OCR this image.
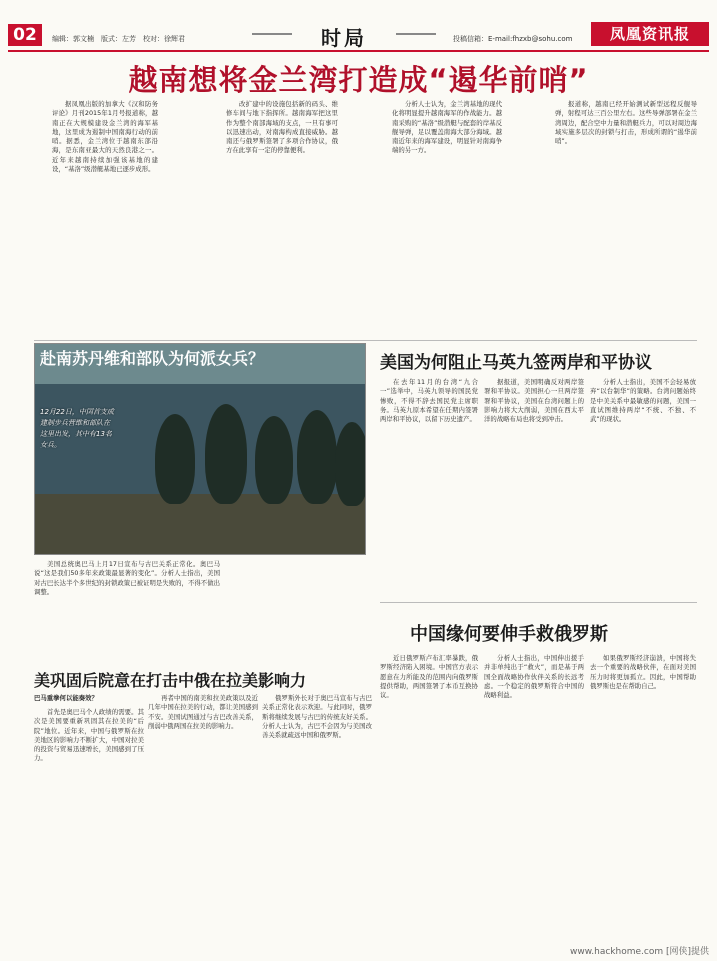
02	编辑：郭文楠　版式：左芳　校对：徐辉君	时局	投稿信箱：E-mail:fhzxb@sohu.com	凤凰资讯报
越南想将金兰湾打造成“遏华前哨”

据凤凰出版的加拿大《汉和防务评论》月刊2015年1月号报道称，越南正在大规模建设金兰湾的海军基地，这里成为遏制中国南海行动的前哨。据悉，金兰湾位于越南东部沿海，是东南亚最大的天然良港之一。近年来越南持续加强该基地的建设，“基洛”级潜艇基地已逐步成形。

改扩建中的设施包括新的码头、维修车间与地下指挥所。越南海军把这里作为整个南部海域的支点，一旦有事可以迅速出动，对南海构成直接威胁。越南还与俄罗斯签署了多项合作协议，俄方在此享有一定的停靠便利。

分析人士认为，金兰湾基地的现代化将明显提升越南海军的作战能力。越南采购的“基洛”级潜艇与配套的岸基反舰导弹，足以覆盖南海大部分海域。越南近年来的海军建设，明显针对南海争端的另一方。

报道称，越南已经开始测试新型远程反舰导弹，射程可达三百公里左右。这些导弹部署在金兰湾周边，配合空中力量和潜艇兵力，可以对周边海域实施多层次的封锁与打击，形成所谓的“遏华前哨”。

赴南苏丹维和部队为何派女兵？
12月22日，中国首支成建制步兵营维和部队在这里出发，其中有13名女兵。

美国总统奥巴马上月17日宣布与古巴关系正常化。奥巴马说“这是我们50多年来政策最显著的变化”。分析人士指出，美国对古巴长达半个多世纪的封锁政策已被证明是失败的，不得不做出调整。

美国为何阻止马英九签两岸和平协议

在去年11月的台湾“九合一”选举中，马英九领导的国民党惨败，不得不辞去国民党主席职务。马英九原本希望在任期内签署两岸和平协议，以留下历史遗产。

据报道，美国明确反对两岸签署和平协议。美国担心一旦两岸签署和平协议，美国在台湾问题上的影响力将大大削弱，美国在西太平洋的战略布局也将受到冲击。

分析人士指出，美国不会轻易放弃“以台制华”的策略。台湾问题始终是中美关系中最敏感的问题，美国一直试图维持两岸“不统、不独、不武”的现状。

中国缘何要伸手救俄罗斯

近日俄罗斯卢布汇率暴跌，俄罗斯经济陷入困境。中国官方表示愿意在力所能及的范围内向俄罗斯提供帮助，两国签署了本币互换协议。

分析人士指出，中国伸出援手并非单纯出于“救火”，而是基于两国全面战略协作伙伴关系的长远考虑。一个稳定的俄罗斯符合中国的战略利益。

如果俄罗斯经济崩溃，中国将失去一个重要的战略伙伴，在面对美国压力时将更加孤立。因此，中国帮助俄罗斯也是在帮助自己。

美巩固后院意在打击中俄在拉美影响力
巴马重拳何以能奏效？

首先是奥巴马个人政绩的需要。其次是美国要重新巩固其在拉美的“后院”地位。近年来，中国与俄罗斯在拉美地区的影响力不断扩大，中国对拉美的投资与贸易迅速增长，美国感到了压力。

再者中国的南美和拉美政策以及近几年中国在拉美的行动，都让美国感到不安。美国试图通过与古巴改善关系，削弱中俄两国在拉美的影响力。

俄罗斯外长对于奥巴马宣布与古巴关系正常化表示欢迎。与此同时，俄罗斯将继续发展与古巴的传统友好关系。分析人士认为，古巴不会因为与美国改善关系就疏远中国和俄罗斯。

www.hackhome.com [网侠]提供
